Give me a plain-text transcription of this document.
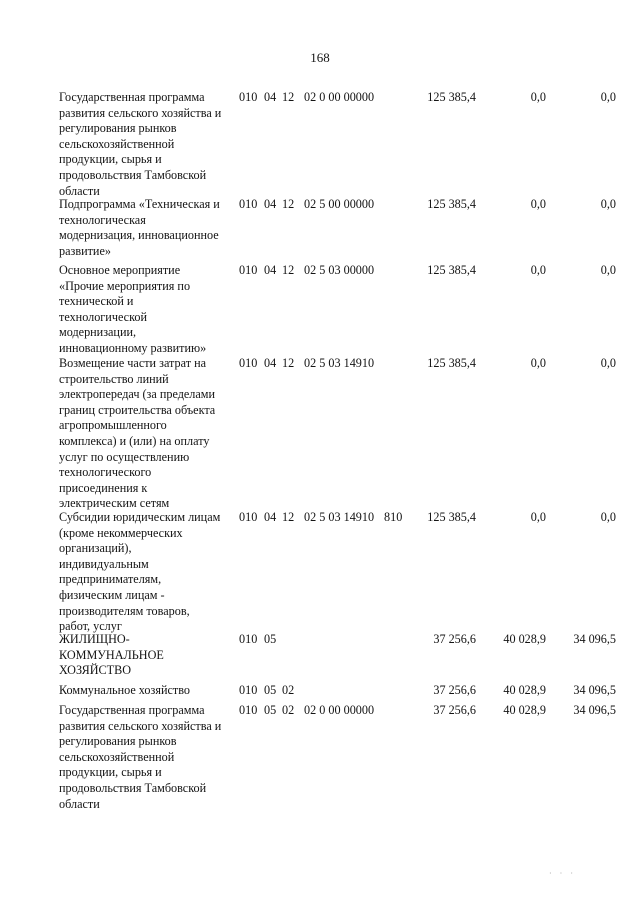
168
Государственная программа
развития сельского хозяйства и
регулирования рынков
сельскохозяйственной
продукции, сырья и
продовольствия Тамбовской
области
010 04 12 02 0 00 00000	125 385,4	0,0	0,0
Подпрограмма «Техническая и
технологическая
модернизация, инновационное
развитие»
010 04 12 02 5 00 00000	125 385,4	0,0	0,0
Основное мероприятие
«Прочие мероприятия по
технической и
технологической
модернизации,
инновационному развитию»
010 04 12 02 5 03 00000	125 385,4	0,0	0,0
Возмещение части затрат на
строительство линий
электропередач (за пределами
границ строительства объекта
агропромышленного
комплекса) и (или) на оплату
услуг по осуществлению
технологического
присоединения к
электрическим сетям
010 04 12 02 5 03 14910	125 385,4	0,0	0,0
Субсидии юридическим лицам
(кроме некоммерческих
организаций),
индивидуальным
предпринимателям,
физическим лицам -
производителям товаров,
работ, услуг
010 04 12 02 5 03 14910 810 125 385,4	0,0	0,0
ЖИЛИЩНО-
КОММУНАЛЬНОЕ
ХОЗЯЙСТВО
010 05	37 256,6 40 028,9 34 096,5
Коммунальное хозяйство	010 05 02	37 256,6 40 028,9 34 096,5
Государственная программа
развития сельского хозяйства и
регулирования рынков
сельскохозяйственной
продукции, сырья и
продовольствия Тамбовской
области
010 05 02 02 0 00 00000	37 256,6 40 028,9 34 096,5
· · ·
